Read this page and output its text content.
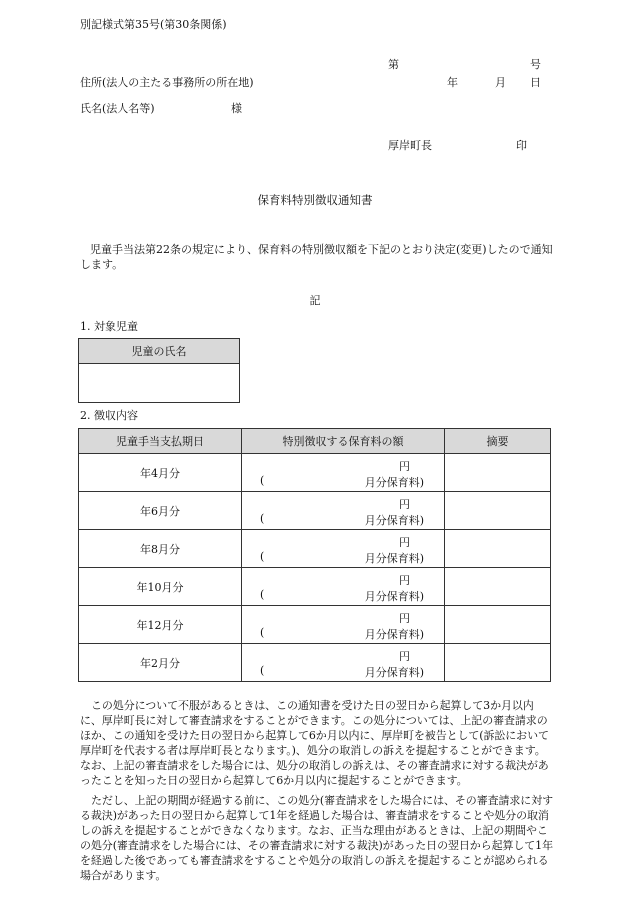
別記様式第35号(第30条関係)
第	号
住所(法人の主たる事務所の所在地)	年	月 日
氏名(法人名等)	様
厚岸町長	印
保育料特別徴収通知書
児童手当法第22条の規定により、保育料の特別徴収額を下記のとおり決定(変更)したので通知します。
記
1. 対象児童
児童の氏名

2. 徴収内容
児童手当支払期日	特別徴収する保育料の額	摘要
年4月分	円
( 月分保育料)	

年6月分	円
( 月分保育料)	

年8月分	円
( 月分保育料)	

年10月分	円
( 月分保育料)	

年12月分	円
( 月分保育料)	

年2月分	円
( 月分保育料)	

この処分について不服があるときは、この通知書を受けた日の翌日から起算して3か月以内に、厚岸町長に対して審査請求をすることができます。この処分については、上記の審査請求のほか、この通知を受けた日の翌日から起算して6か月以内に、厚岸町を被告として(訴訟において厚岸町を代表する者は厚岸町長となります。)、処分の取消しの訴えを提起することができます。なお、上記の審査請求をした場合には、処分の取消しの訴えは、その審査請求に対する裁決があったことを知った日の翌日から起算して6か月以内に提起することができます。
ただし、上記の期間が経過する前に、この処分(審査請求をした場合には、その審査請求に対する裁決)があった日の翌日から起算して1年を経過した場合は、審査請求をすることや処分の取消しの訴えを提起することができなくなります。なお、正当な理由があるときは、上記の期間やこの処分(審査請求をした場合には、その審査請求に対する裁決)があった日の翌日から起算して1年を経過した後であっても審査請求をすることや処分の取消しの訴えを提起することが認められる場合があります。
